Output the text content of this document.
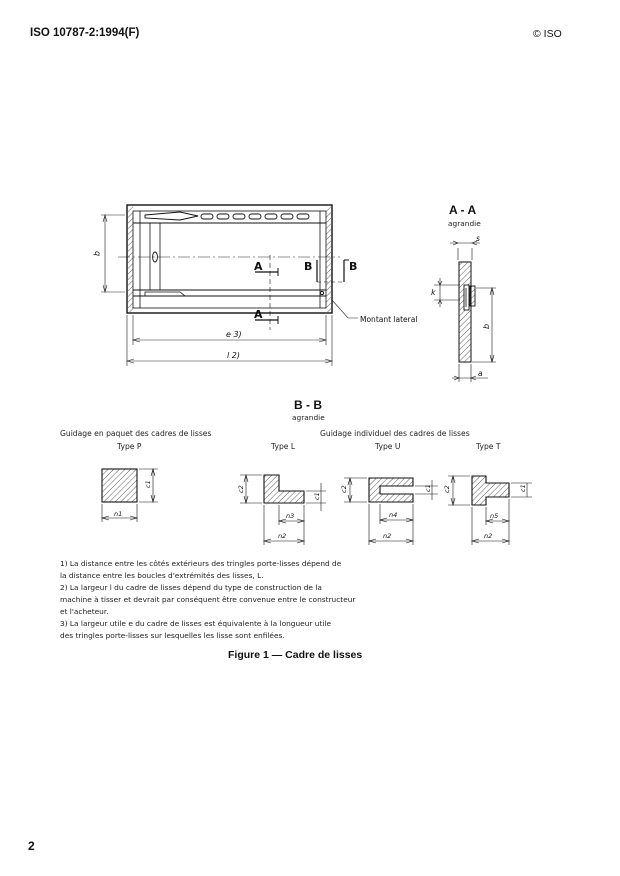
ISO 10787-2:1994(F)	© ISO
A
A
B	B
Montant lateral
e 3)
l 2)
q
s
k
b
a
c1
n1
c2
c1
n3
n2
c2	c1
n4
n2
c2	c1
n5
n2
A - A
agrandie
B - B
agrandie
Guidage en paquet des cadres de lisses	Guidage individuel des cadres de lisses
Type P	Type L	Type U	Type T
1) La distance entre les côtés extérieurs des tringles porte-lisses dépend de
la distance entre les boucles d'extrémités des lisses, L.
2) La largeur l du cadre de lisses dépend du type de construction de la
machine à tisser et devrait par conséquent être convenue entre le constructeur
et l'acheteur.
3) La largeur utile e du cadre de lisses est équivalente à la longueur utile
des tringles porte-lisses sur lesquelles les lisse sont enfilées.
Figure 1 — Cadre de lisses
2
